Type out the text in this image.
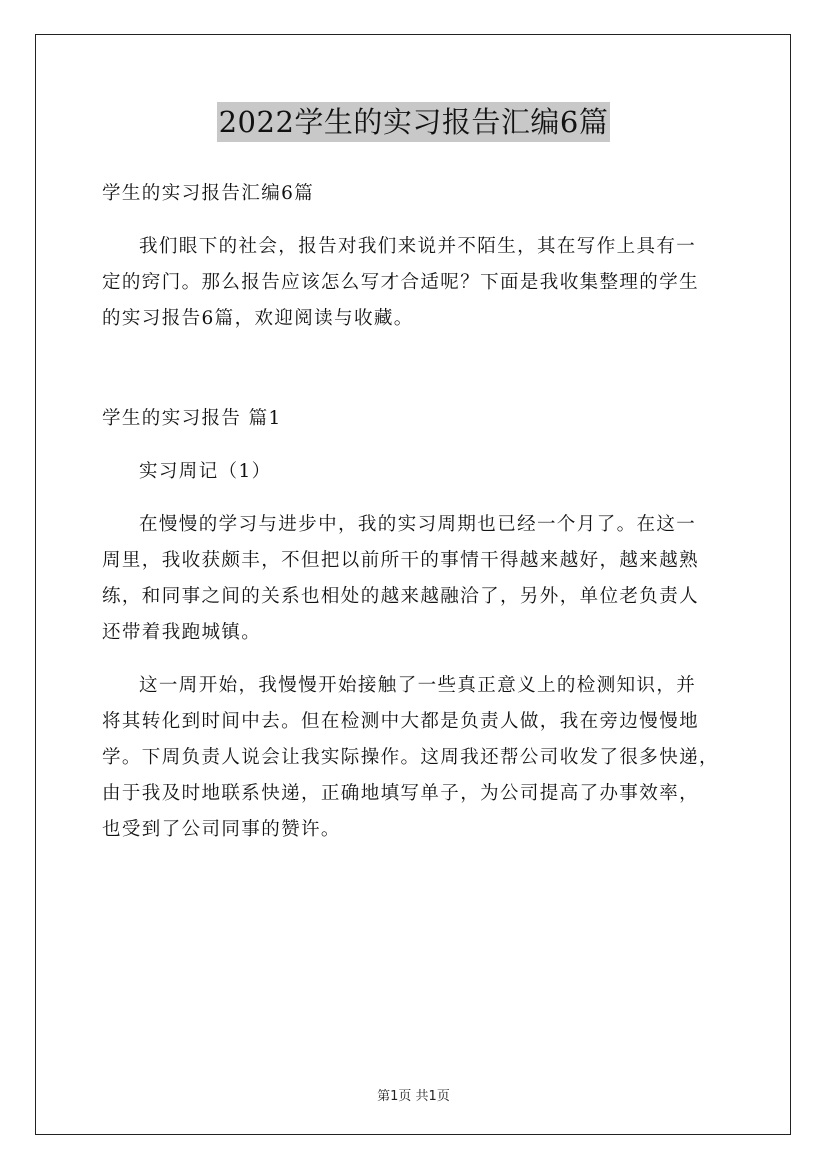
2022学生的实习报告汇编6篇

学生的实习报告汇编6篇

我们眼下的社会，报告对我们来说并不陌生，其在写作上具有一
定的窍门。那么报告应该怎么写才合适呢？下面是我收集整理的学生
的实习报告6篇，欢迎阅读与收藏。

学生的实习报告 篇1

实习周记（1）

在慢慢的学习与进步中，我的实习周期也已经一个月了。在这一
周里，我收获颇丰，不但把以前所干的事情干得越来越好，越来越熟
练，和同事之间的关系也相处的越来越融洽了，另外，单位老负责人
还带着我跑城镇。

这一周开始，我慢慢开始接触了一些真正意义上的检测知识，并
将其转化到时间中去。但在检测中大都是负责人做，我在旁边慢慢地
学。下周负责人说会让我实际操作。这周我还帮公司收发了很多快递，
由于我及时地联系快递，正确地填写单子，为公司提高了办事效率，
也受到了公司同事的赞许。

第1页 共1页
